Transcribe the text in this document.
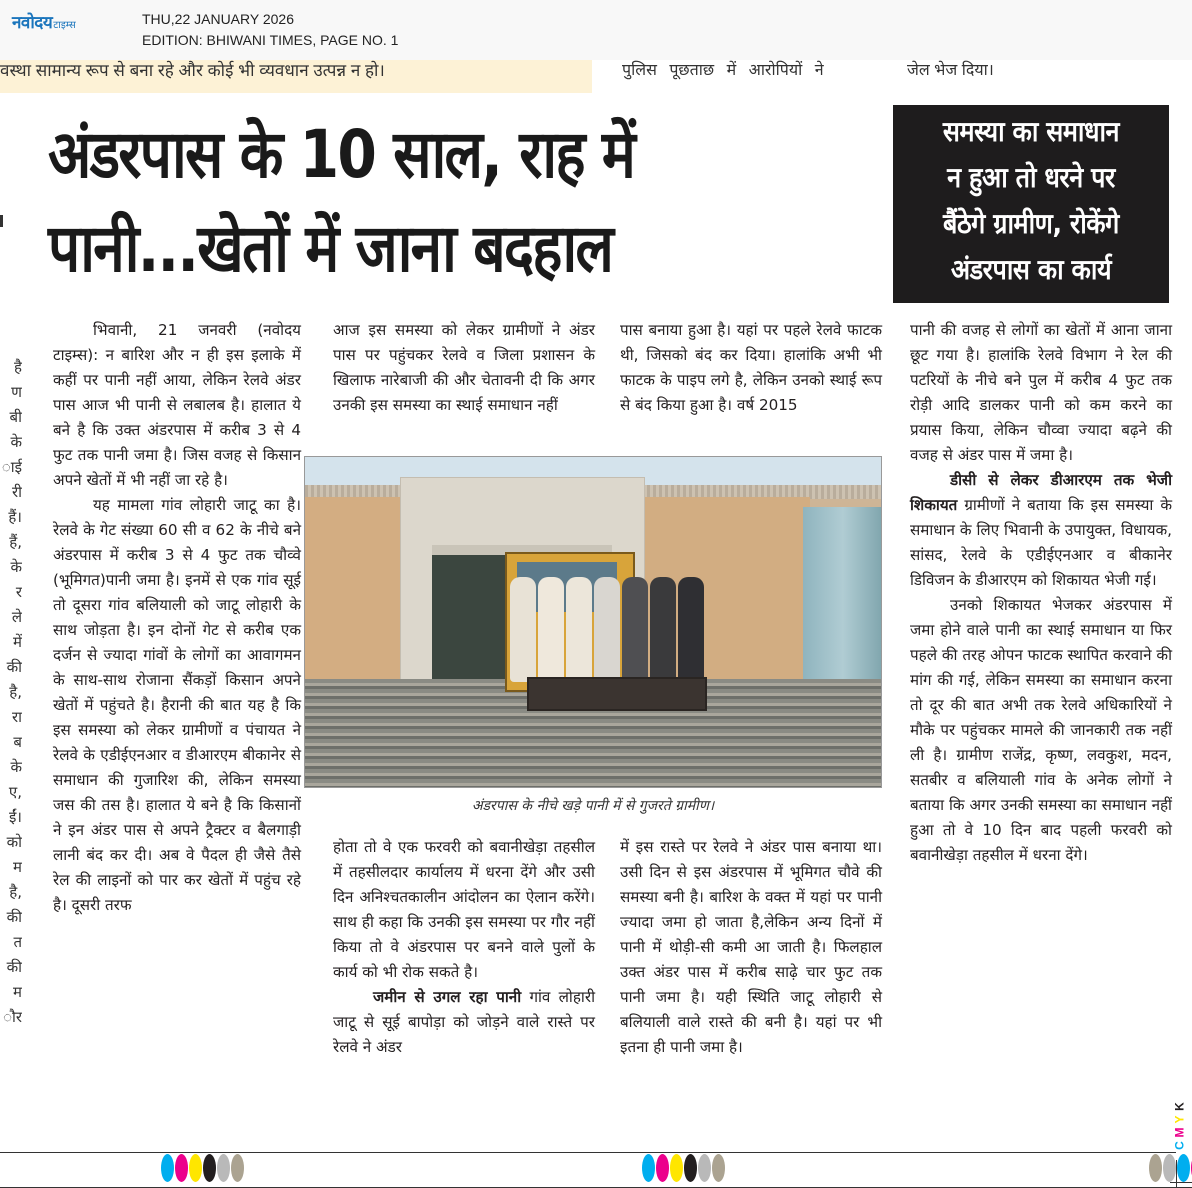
नवोदय टाइम्स	THU,22 JANUARY 2026
EDITION: BHIWANI TIMES, PAGE NO. 1
वस्था सामान्य रूप से बना रहे और कोई भी व्यवधान उत्पन्न न हो।	पुलिस पूछताछ में आरोपियों ने	जेल भेज दिया।
है
ण
बी
के
ाई
री
हैं।
हैं,
के
र
ले
में
की
है,
रा
ब
के
ए,
ईं।
को
म
है,
की
त
की
म
ौर
अंडरपास के 10 साल, राह में
पानी...खेतों में जाना बदहाल
समस्या का समाधान
न हुआ तो धरने पर
बैंठेगे ग्रामीण, रोकेंगे
अंडरपास का कार्य

भिवानी, 21 जनवरी (नवोदय टाइम्स): न बारिश और न ही इस इलाके में कहीं पर पानी नहीं आया, लेकिन रेलवे अंडर पास आज भी पानी से लबालब है। हालात ये बने है कि उक्त अंडरपास में करीब 3 से 4 फुट तक पानी जमा है। जिस वजह से किसान अपने खेतों में भी नहीं जा रहे है।

यह मामला गांव लोहारी जाटू का है। रेलवे के गेट संख्या 60 सी व 62 के नीचे बने अंडरपास में करीब 3 से 4 फुट तक चौव्वे (भूमिगत)पानी जमा है। इनमें से एक गांव सूई तो दूसरा गांव बलियाली को जाटू लोहारी के साथ जोड़ता है। इन दोनों गेट से करीब एक दर्जन से ज्यादा गांवों के लोगों का आवागमन के साथ-साथ रोजाना सैंकड़ों किसान अपने खेतों में पहुंचते है। हैरानी की बात यह है कि इस समस्या को लेकर ग्रामीणों व पंचायत ने रेलवे के एडीईएनआर व डीआरएम बीकानेर से समाधान की गुजारिश की, लेकिन समस्या जस की तस है। हालात ये बने है कि किसानों ने इन अंडर पास से अपने ट्रैक्टर व बैलगाड़ी लानी बंद कर दी। अब वे पैदल ही जैसे तैसे रेल की लाइनों को पार कर खेतों में पहुंच रहे है। दूसरी तरफ

आज इस समस्या को लेकर ग्रामीणों ने अंडर पास पर पहुंचकर रेलवे व जिला प्रशासन के खिलाफ नारेबाजी की और चेतावनी दी कि अगर उनकी इस समस्या का स्थाई समाधान नहीं

पास बनाया हुआ है। यहां पर पहले रेलवे फाटक थी, जिसको बंद कर दिया। हालांकि अभी भी फाटक के पाइप लगे है, लेकिन उनको स्थाई रूप से बंद किया हुआ है। वर्ष 2015

अंडरपास के नीचे खड़े पानी में से गुजरते ग्रामीण।

होता तो वे एक फरवरी को बवानीखेड़ा तहसील में तहसीलदार कार्यालय में धरना देंगे और उसी दिन अनिश्चतकालीन आंदोलन का ऐलान करेंगे। साथ ही कहा कि उनकी इस समस्या पर गौर नहीं किया तो वे अंडरपास पर बनने वाले पुलों के कार्य को भी रोक सकते है।

जमीन से उगल रहा पानी गांव लोहारी जाटू से सूई बापोड़ा को जोड़ने वाले रास्ते पर रेलवे ने अंडर

में इस रास्ते पर रेलवे ने अंडर पास बनाया था। उसी दिन से इस अंडरपास में भूमिगत चौवे की समस्या बनी है। बारिश के वक्त में यहां पर पानी ज्यादा जमा हो जाता है,लेकिन अन्य दिनों में पानी में थोड़ी-सी कमी आ जाती है। फिलहाल उक्त अंडर पास में करीब साढ़े चार फुट तक पानी जमा है। यही स्थिति जाटू लोहारी से बलियाली वाले रास्ते की बनी है। यहां पर भी इतना ही पानी जमा है।

पानी की वजह से लोगों का खेतों में आना जाना छूट गया है। हालांकि रेलवे विभाग ने रेल की पटरियों के नीचे बने पुल में करीब 4 फुट तक रोड़ी आदि डालकर पानी को कम करने का प्रयास किया, लेकिन चौव्वा ज्यादा बढ़ने की वजह से अंडर पास में जमा है।

डीसी से लेकर डीआरएम तक भेजी शिकायत ग्रामीणों ने बताया कि इस समस्या के समाधान के लिए भिवानी के उपायुक्त, विधायक, सांसद, रेलवे के एडीईएनआर व बीकानेर डिविजन के डीआरएम को शिकायत भेजी गई।

उनको शिकायत भेजकर अंडरपास में जमा होने वाले पानी का स्थाई समाधान या फिर पहले की तरह ओपन फाटक स्थापित करवाने की मांग की गई, लेकिन समस्या का समाधान करना तो दूर की बात अभी तक रेलवे अधिकारियों ने मौके पर पहुंचकर मामले की जानकारी तक नहीं ली है। ग्रामीण राजेंद्र, कृष्ण, लवकुश, मदन, सतबीर व बलियाली गांव के अनेक लोगों ने बताया कि अगर उनकी समस्या का समाधान नहीं हुआ तो वे 10 दिन बाद पहली फरवरी को बवानीखेड़ा तहसील में धरना देंगे।

K
Y
M
C
